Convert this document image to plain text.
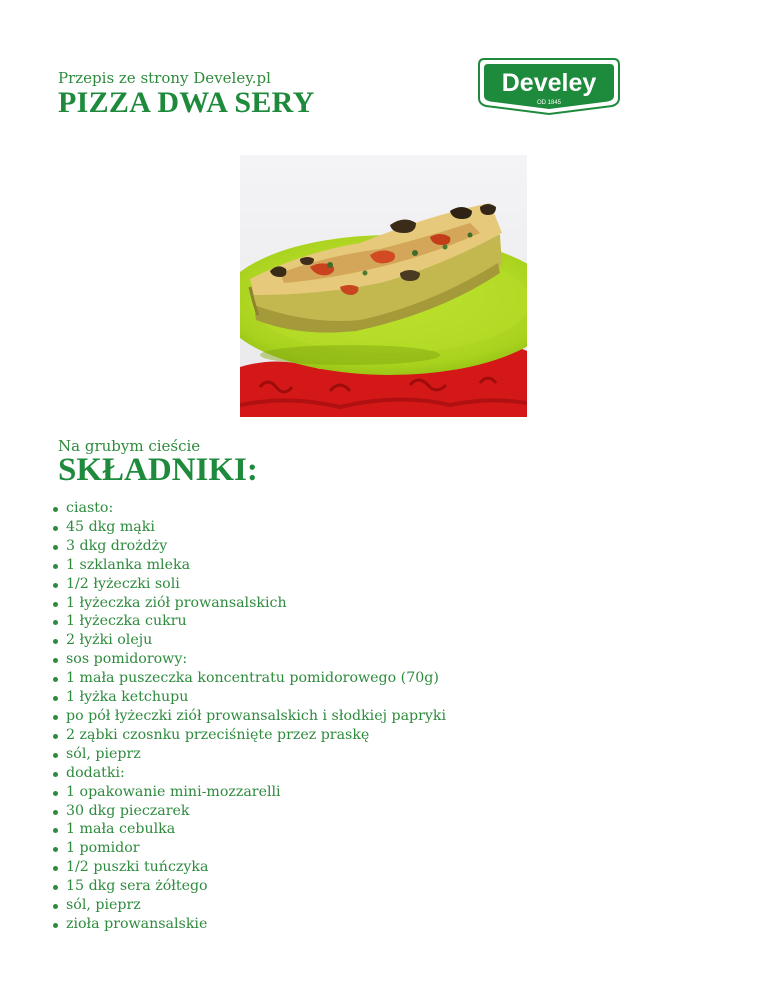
Przepis ze strony Develey.pl
PIZZA DWA SERY
Develey
OD 1845
Na grubym cieście
SKŁADNIKI:
ciasto:
45 dkg mąki
3 dkg drożdży
1 szklanka mleka
1/2 łyżeczki soli
1 łyżeczka ziół prowansalskich
1 łyżeczka cukru
2 łyżki oleju
sos pomidorowy:
1 mała puszeczka koncentratu pomidorowego (70g)
1 łyżka ketchupu
po pół łyżeczki ziół prowansalskich i słodkiej papryki
2 ząbki czosnku przeciśnięte przez praskę
sól, pieprz
dodatki:
1 opakowanie mini-mozzarelli
30 dkg pieczarek
1 mała cebulka
1 pomidor
1/2 puszki tuńczyka
15 dkg sera żółtego
sól, pieprz
zioła prowansalskie
